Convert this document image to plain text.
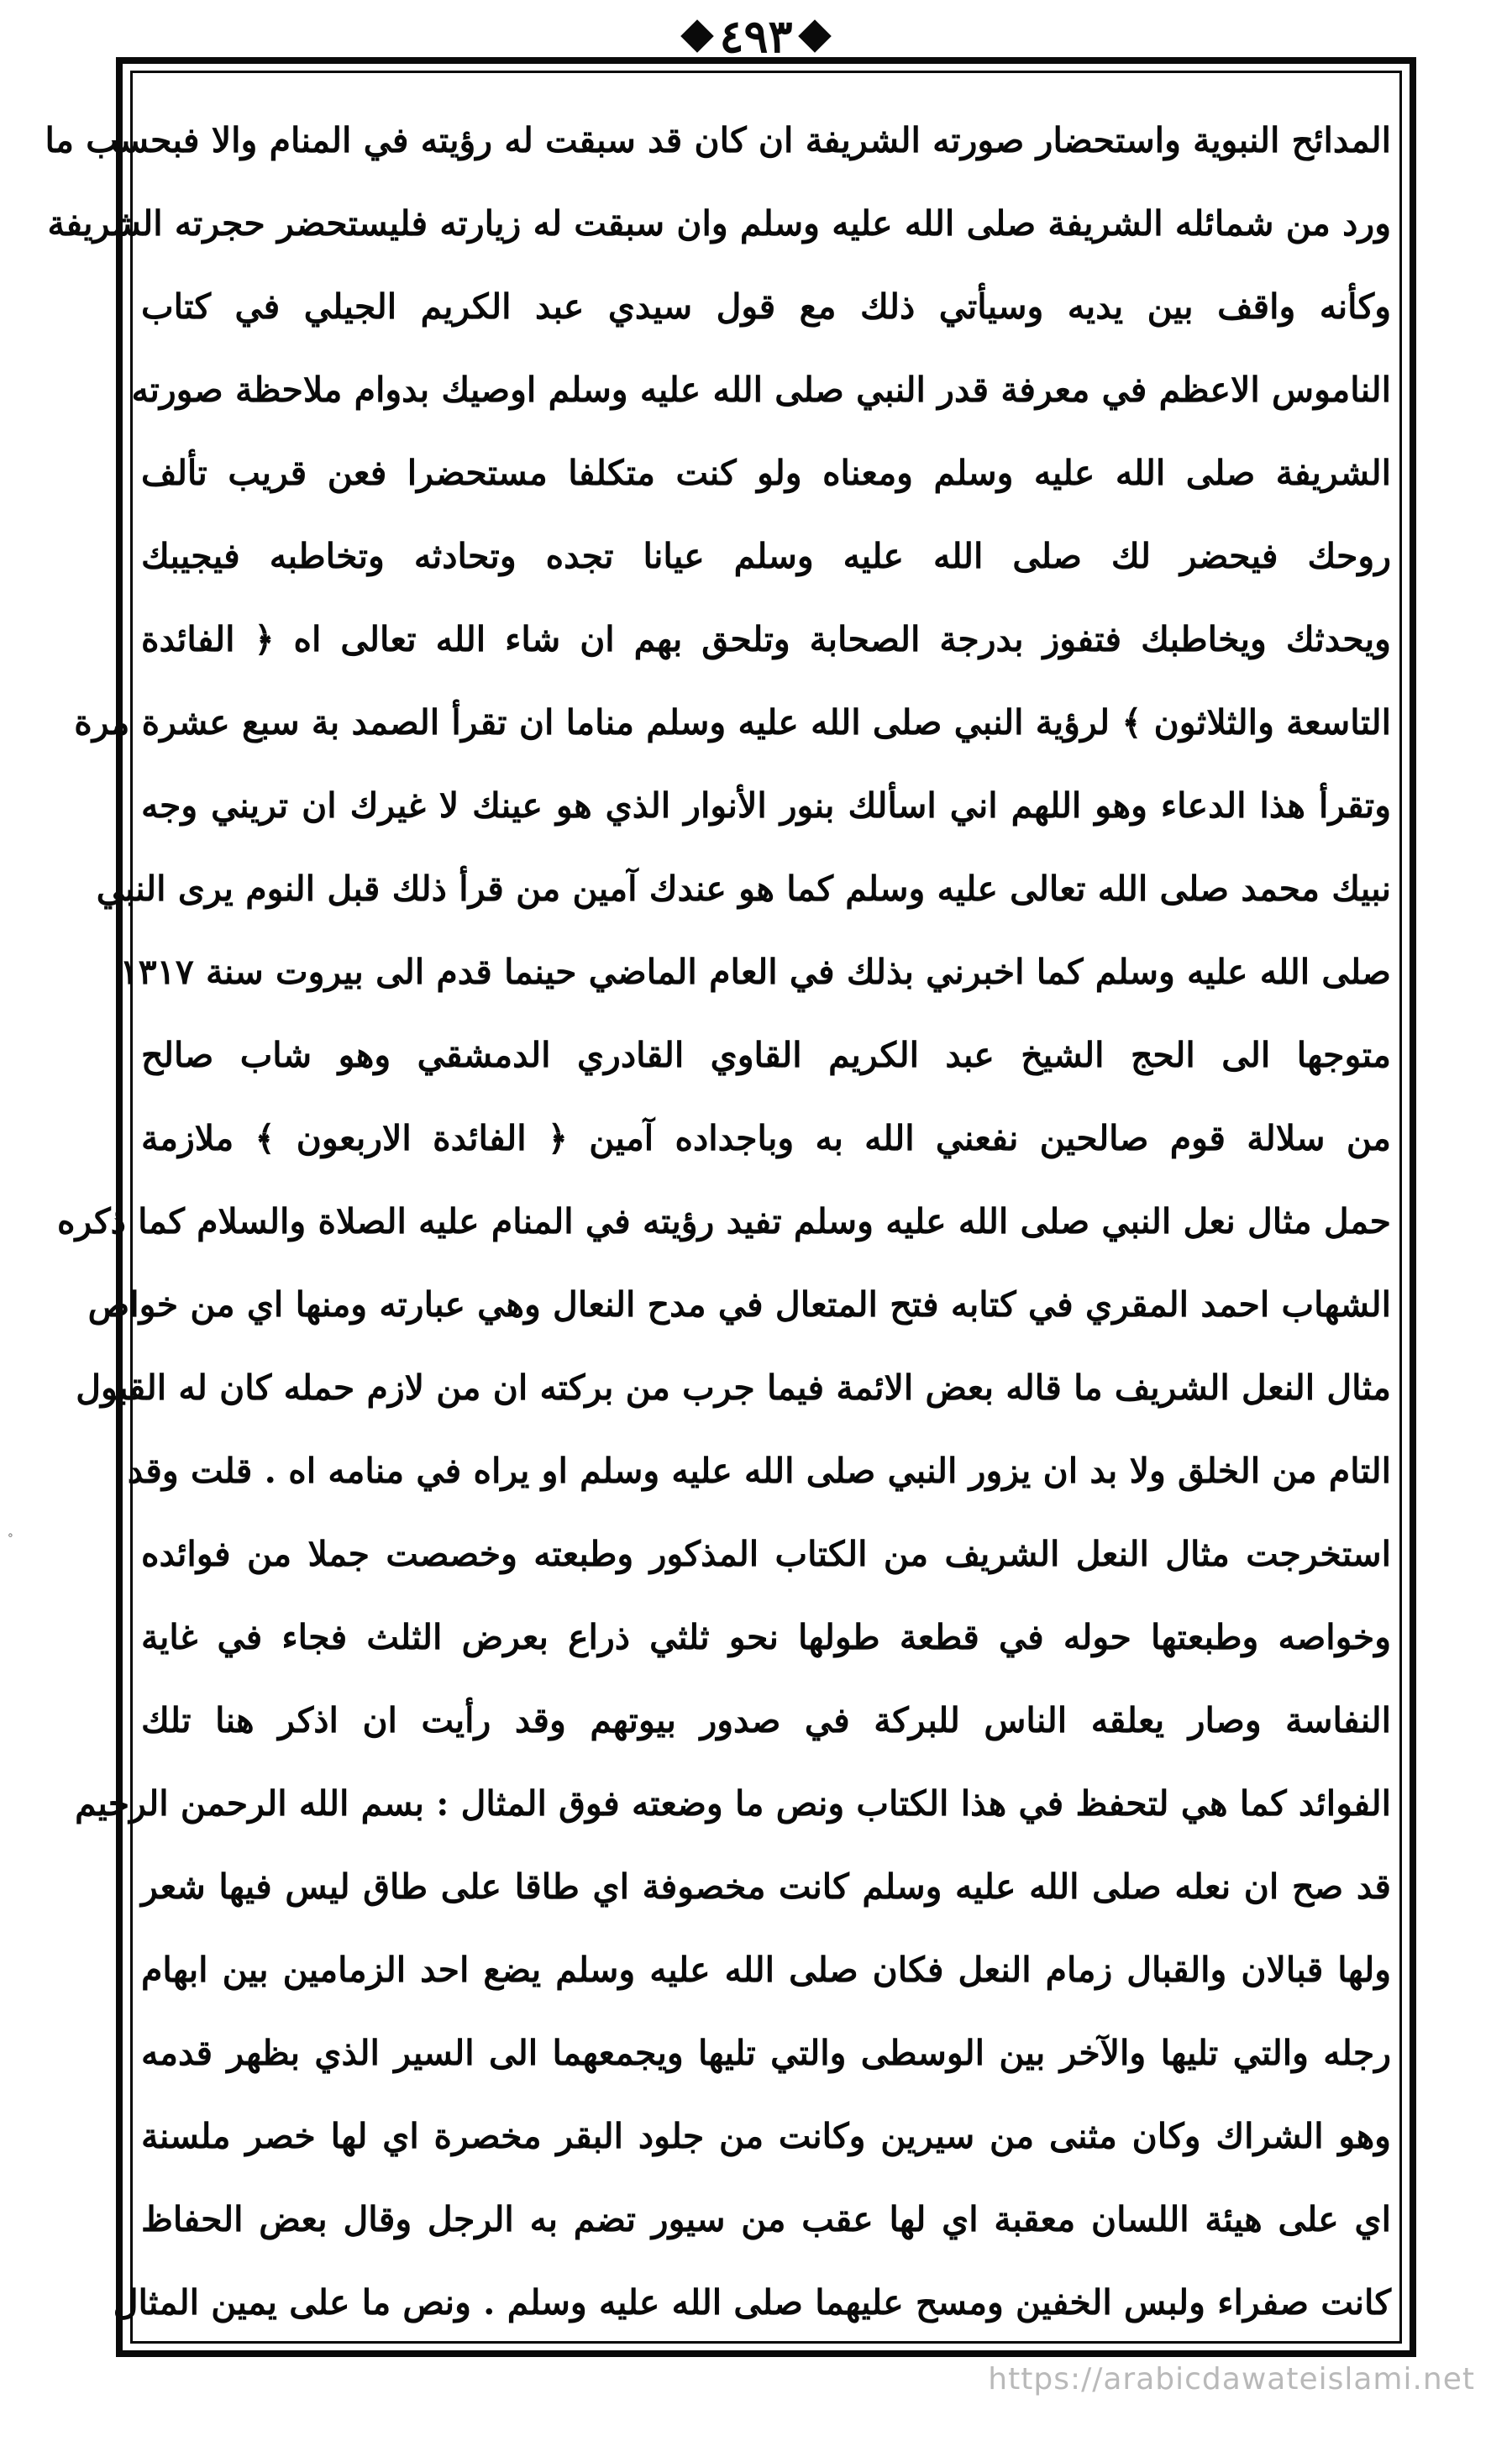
٤٩٣
المدائح النبوية واستحضار صورته الشريفة ان كان قد سبقت له رؤيته في المنام والا فبحسب ما
ورد من شمائله الشريفة صلى الله عليه وسلم وان سبقت له زيارته فليستحضر حجرته الشريفة
وكأنه واقف بين يديه وسيأتي ذلك مع قول سيدي عبد الكريم الجيلي في كتاب
الناموس الاعظم في معرفة قدر النبي صلى الله عليه وسلم اوصيك بدوام ملاحظة صورته
الشريفة صلى الله عليه وسلم ومعناه ولو كنت متكلفا مستحضرا فعن قريب تألف
روحك فيحضر لك صلى الله عليه وسلم عيانا تجده وتحادثه وتخاطبه فيجيبك
ويحدثك ويخاطبك فتفوز بدرجة الصحابة وتلحق بهم ان شاء الله تعالى اه ﴿ الفائدة
التاسعة والثلاثون ﴾ لرؤية النبي صلى الله عليه وسلم مناما ان تقرأ الصمد بة سبع عشرة مرة
وتقرأ هذا الدعاء وهو اللهم اني اسألك بنور الأنوار الذي هو عينك لا غيرك ان تريني وجه
نبيك محمد صلى الله تعالى عليه وسلم كما هو عندك آمين من قرأ ذلك قبل النوم يرى النبي
صلى الله عليه وسلم كما اخبرني بذلك في العام الماضي حينما قدم الى بيروت سنة ١٣١٧
متوجها الى الحج الشيخ عبد الكريم القاوي القادري الدمشقي وهو شاب صالح
من سلالة قوم صالحين نفعني الله به وباجداده آمين ﴿ الفائدة الاربعون ﴾ ملازمة
حمل مثال نعل النبي صلى الله عليه وسلم تفيد رؤيته في المنام عليه الصلاة والسلام كما ذكره
الشهاب احمد المقري في كتابه فتح المتعال في مدح النعال وهي عبارته ومنها اي من خواص
مثال النعل الشريف ما قاله بعض الائمة فيما جرب من بركته ان من لازم حمله كان له القبول
التام من الخلق ولا بد ان يزور النبي صلى الله عليه وسلم او يراه في منامه اه . قلت وقد
استخرجت مثال النعل الشريف من الكتاب المذكور وطبعته وخصصت جملا من فوائده
وخواصه وطبعتها حوله في قطعة طولها نحو ثلثي ذراع بعرض الثلث فجاء في غاية
النفاسة وصار يعلقه الناس للبركة في صدور بيوتهم وقد رأيت ان اذكر هنا تلك
الفوائد كما هي لتحفظ في هذا الكتاب ونص ما وضعته فوق المثال : بسم الله الرحمن الرحيم
قد صح ان نعله صلى الله عليه وسلم كانت مخصوفة اي طاقا على طاق ليس فيها شعر
ولها قبالان والقبال زمام النعل فكان صلى الله عليه وسلم يضع احد الزمامين بين ابهام
رجله والتي تليها والآخر بين الوسطى والتي تليها ويجمعهما الى السير الذي بظهر قدمه
وهو الشراك وكان مثنى من سيرين وكانت من جلود البقر مخصرة اي لها خصر ملسنة
اي على هيئة اللسان معقبة اي لها عقب من سيور تضم به الرجل وقال بعض الحفاظ
كانت صفراء ولبس الخفين ومسح عليهما صلى الله عليه وسلم . ونص ما على يمين المثال
∘
https://arabicdawateislami.net
